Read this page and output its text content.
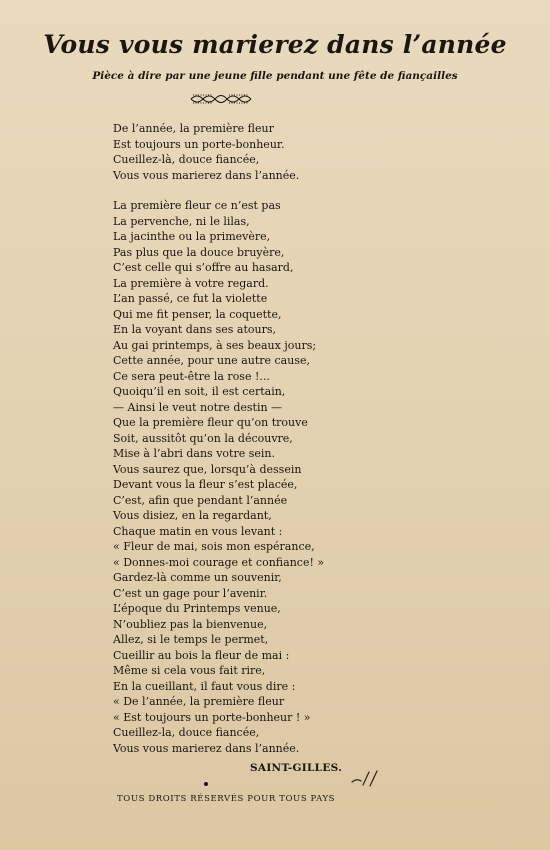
Vous vous marierez dans l’année
Pièce à dire par une jeune fille pendant une fête de fiançailles
De l’année, la première fleur
Est toujours un porte-bonheur.
Cueillez-là, douce fiancée,
Vous vous marierez dans l’année.
La première fleur ce n’est pas
La pervenche, ni le lilas,
La jacinthe ou la primevère,
Pas plus que la douce bruyère,
C’est celle qui s’offre au hasard,
La première à votre regard.
L’an passé, ce fut la violette
Qui me fit penser, la coquette,
En la voyant dans ses atours,
Au gai printemps, à ses beaux jours;
Cette année, pour une autre cause,
Ce sera peut-être la rose !...
Quoiqu’il en soit, il est certain,
— Ainsi le veut notre destin —
Que la première fleur qu’on trouve
Soit, aussitôt qu’on la découvre,
Mise à l’abri dans votre sein.
Vous saurez que, lorsqu’à dessein
Devant vous la fleur s’est placée,
C’est, afin que pendant l’année
Vous disiez, en la regardant,
Chaque matin en vous levant :
« Fleur de mai, sois mon espérance,
« Donnes-moi courage et confiance! »
Gardez-là comme un souvenir,
C’est un gage pour l’avenir.
L’époque du Printemps venue,
N’oubliez pas la bienvenue,
Allez, si le temps le permet,
Cueillir au bois la fleur de mai :
Même si cela vous fait rire,
En la cueillant, il faut vous dire :
« De l’année, la première fleur
« Est toujours un porte-bonheur ! »
Cueillez-la, douce fiancée,
Vous vous marierez dans l’année.
SAINT-GILLES.
TOUS DROITS RÉSERVÉS POUR TOUS PAYS
